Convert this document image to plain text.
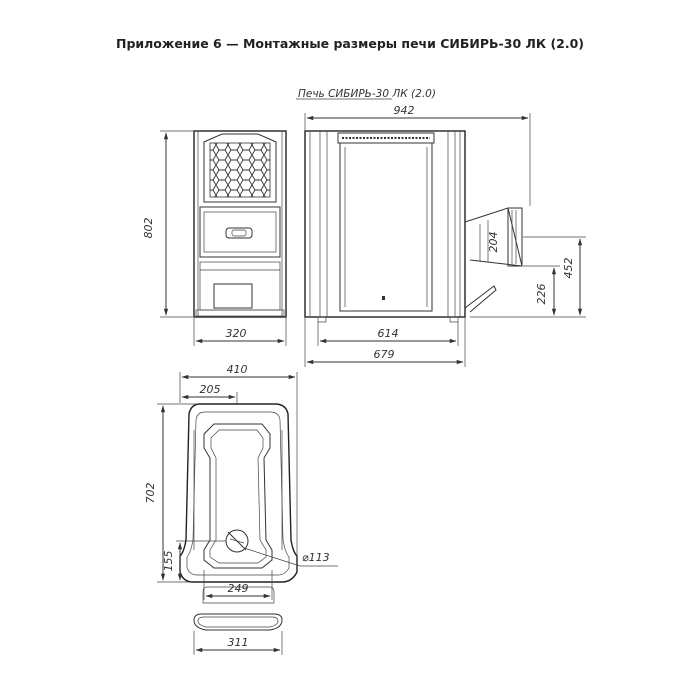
Приложение 6 — Монтажные размеры печи СИБИРЬ-30 ЛК (2.0)
802
320
Печь СИБИРЬ-30 ЛК (2.0)
942
204
452
226
614
679
410
205
702
155	⌀113
249
311
